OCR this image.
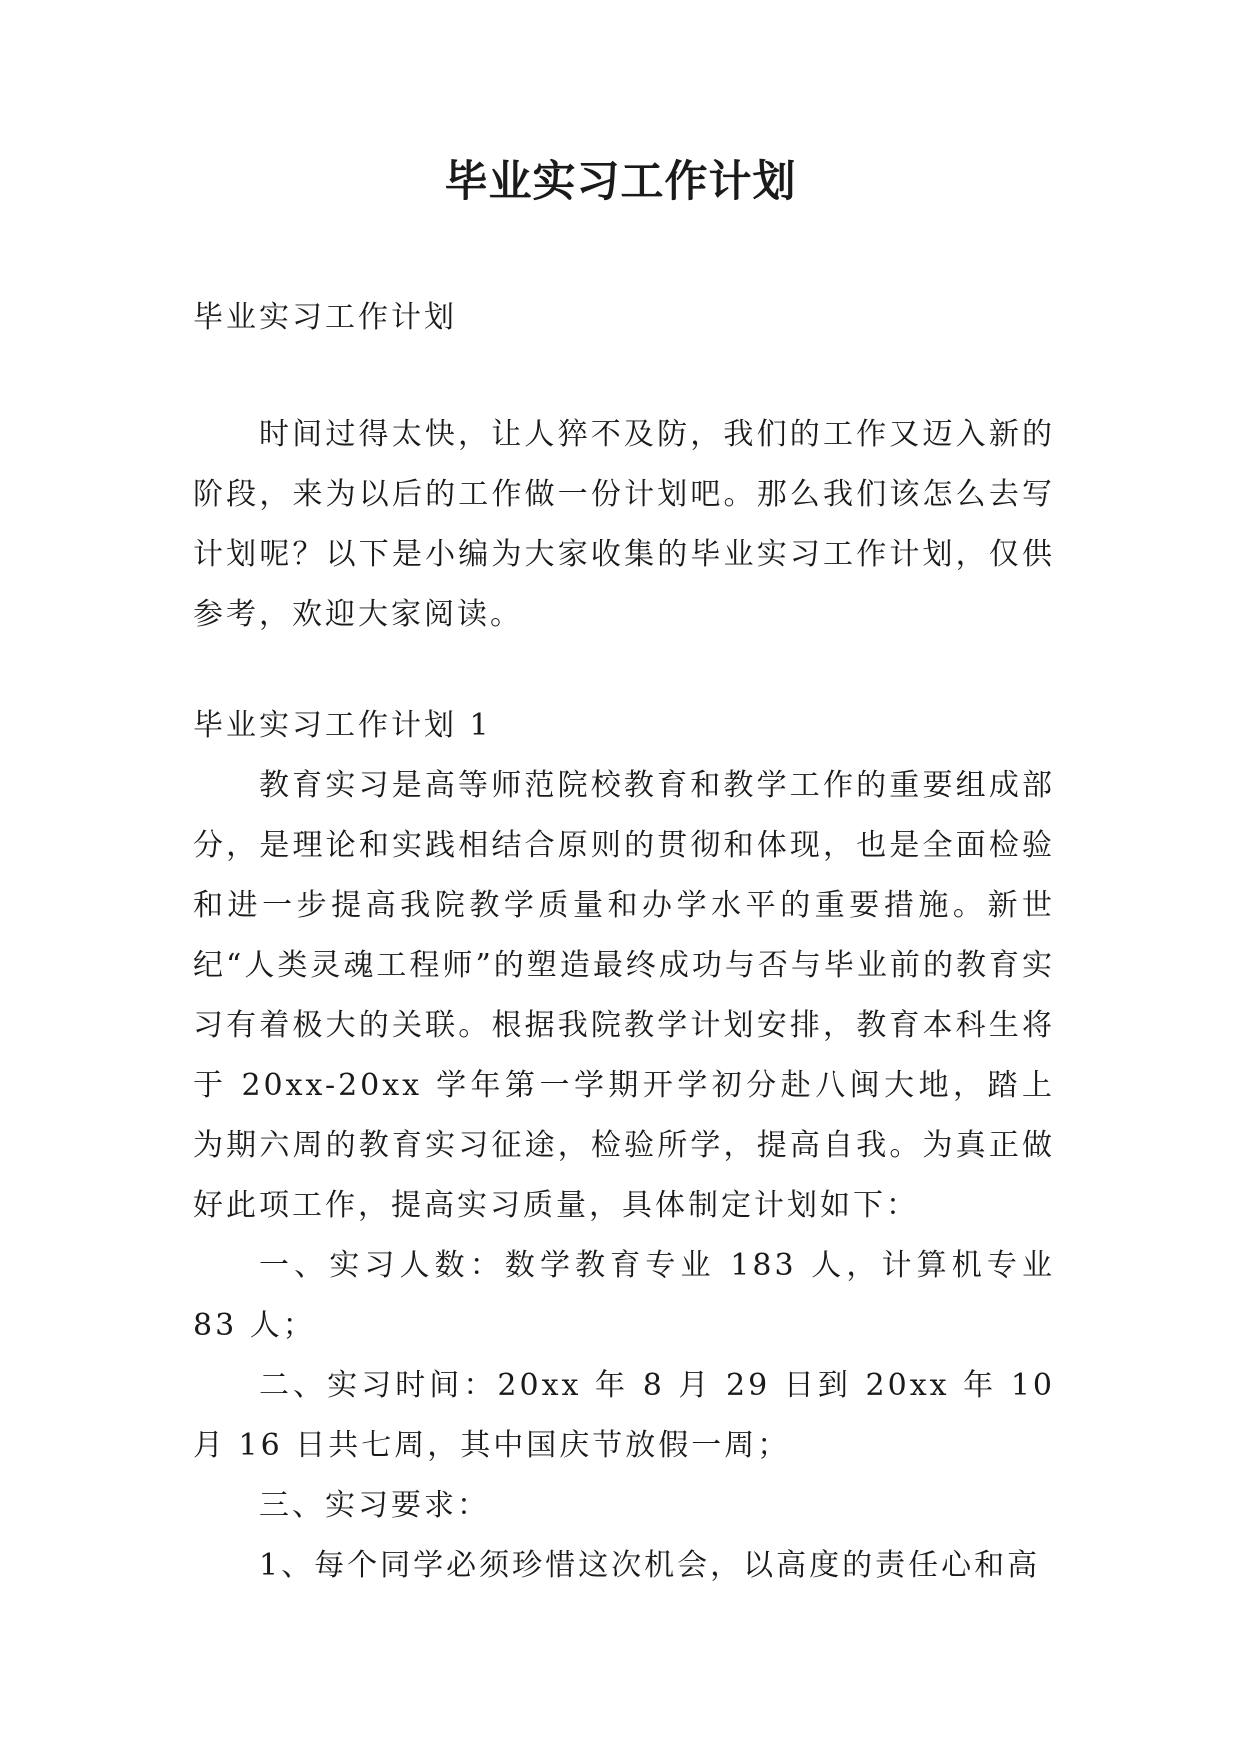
毕业实习工作计划
毕业实习工作计划

时间过得太快，让人猝不及防，我们的工作又迈入新的阶段，来为以后的工作做一份计划吧。那么我们该怎么去写计划呢？以下是小编为大家收集的毕业实习工作计划，仅供参考，欢迎大家阅读。

毕业实习工作计划 1

教育实习是高等师范院校教育和教学工作的重要组成部分，是理论和实践相结合原则的贯彻和体现，也是全面检验和进一步提高我院教学质量和办学水平的重要措施。新世纪“人类灵魂工程师”的塑造最终成功与否与毕业前的教育实习有着极大的关联。根据我院教学计划安排，教育本科生将于 20xx-20xx 学年第一学期开学初分赴八闽大地，踏上为期六周的教育实习征途，检验所学，提高自我。为真正做好此项工作，提高实习质量，具体制定计划如下：

一、实习人数：数学教育专业 183 人，计算机专业 83 人；

二、实习时间：20xx 年 8 月 29 日到 20xx 年 10 月 16 日共七周，其中国庆节放假一周；

三、实习要求：

1、每个同学必须珍惜这次机会，以高度的责任心和高
